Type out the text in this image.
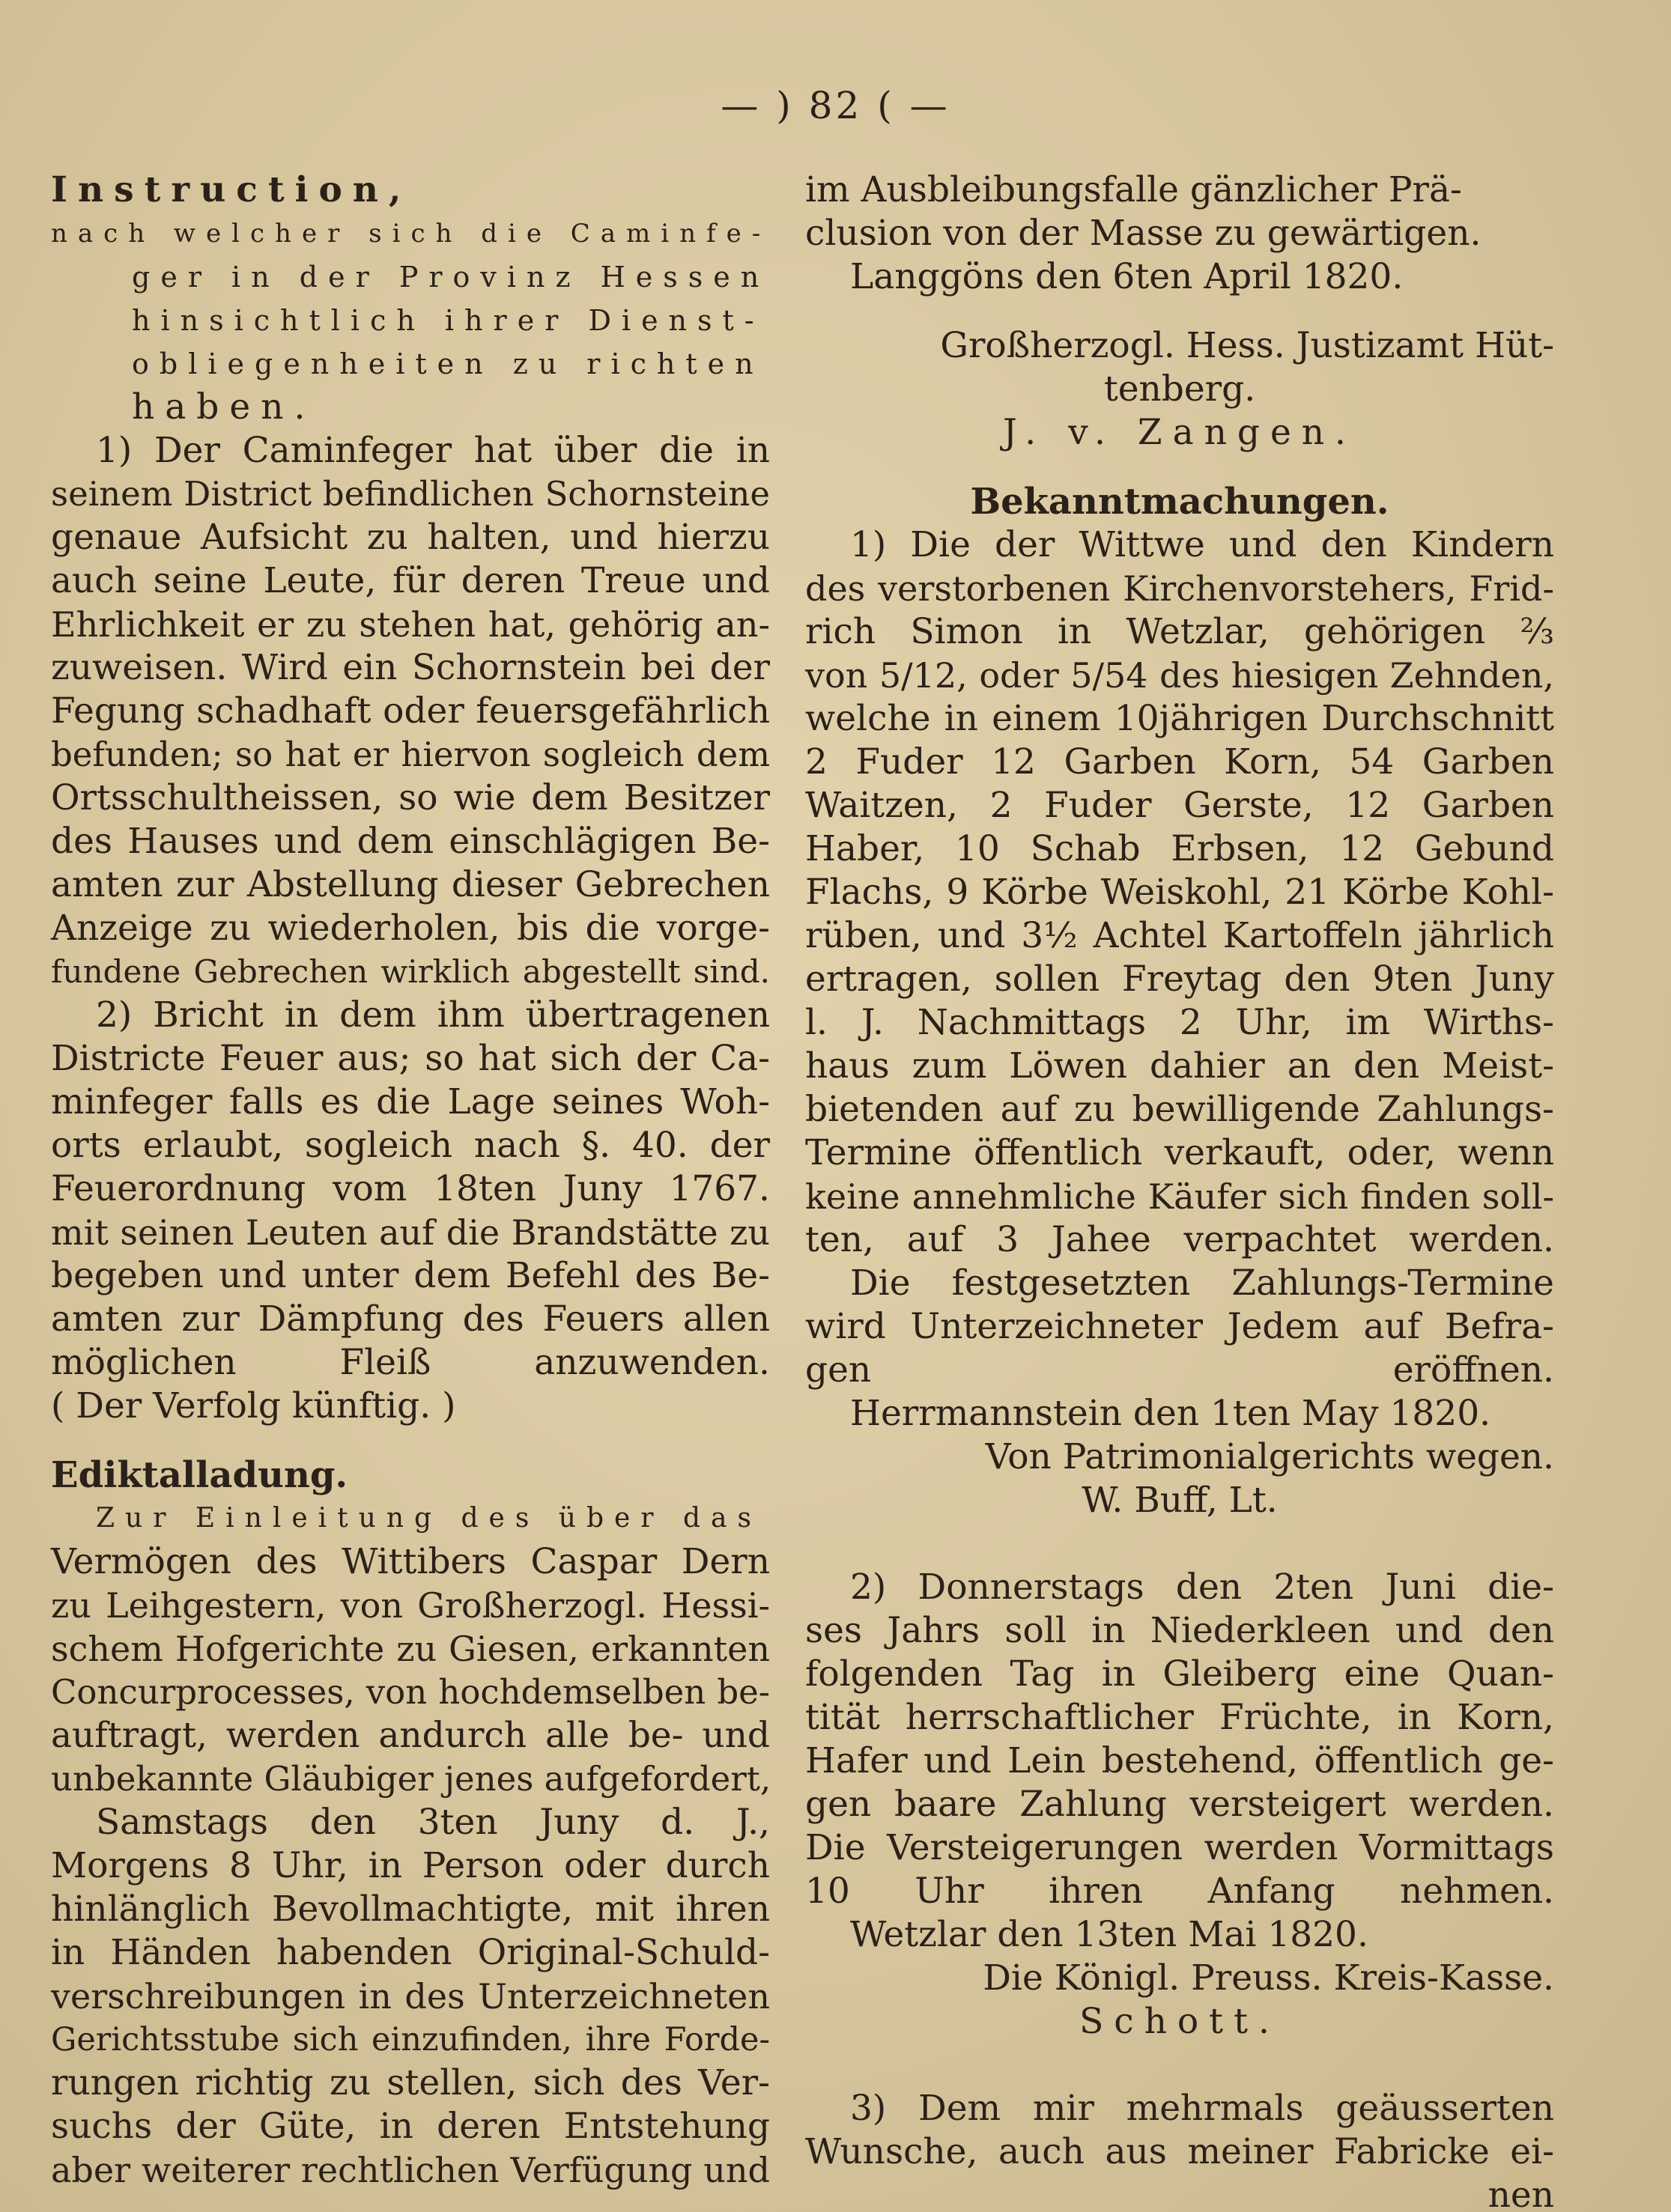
— ) 82 ( —
Instruction,
nach welcher sich die Caminfe-
ger in der Provinz Hessen
hinsichtlich ihrer Dienst-
obliegenheiten zu richten
haben.
1) Der Caminfeger hat über die in
seinem District befindlichen Schornsteine
genaue Aufsicht zu halten, und hierzu
auch seine Leute, für deren Treue und
Ehrlichkeit er zu stehen hat, gehörig an-
zuweisen. Wird ein Schornstein bei der
Fegung schadhaft oder feuersgefährlich
befunden; so hat er hiervon sogleich dem
Ortsschultheissen, so wie dem Besitzer
des Hauses und dem einschlägigen Be-
amten zur Abstellung dieser Gebrechen
Anzeige zu wiederholen, bis die vorge-
fundene Gebrechen wirklich abgestellt sind.
2) Bricht in dem ihm übertragenen
Districte Feuer aus; so hat sich der Ca-
minfeger falls es die Lage seines Woh-
orts erlaubt, sogleich nach §. 40. der
Feuerordnung vom 18ten Juny 1767.
mit seinen Leuten auf die Brandstätte zu
begeben und unter dem Befehl des Be-
amten zur Dämpfung des Feuers allen
möglichen Fleiß anzuwenden.
( Der Verfolg künftig. )
Ediktalladung.
Zur Einleitung des über das
Vermögen des Wittibers Caspar Dern
zu Leihgestern, von Großherzogl. Hessi-
schem Hofgerichte zu Giesen, erkannten
Concurprocesses, von hochdemselben be-
auftragt, werden andurch alle be- und
unbekannte Gläubiger jenes aufgefordert,
Samstags den 3ten Juny d. J.,
Morgens 8 Uhr, in Person oder durch
hinlänglich Bevollmachtigte, mit ihren
in Händen habenden Original-Schuld-
verschreibungen in des Unterzeichneten
Gerichtsstube sich einzufinden, ihre Forde-
rungen richtig zu stellen, sich des Ver-
suchs der Güte, in deren Entstehung
aber weiterer rechtlichen Verfügung und
im Ausbleibungsfalle gänzlicher Prä-
clusion von der Masse zu gewärtigen.
Langgöns den 6ten April 1820.
Großherzogl. Hess. Justizamt Hüt-
tenberg.
J. v. Zangen.
Bekanntmachungen.
1) Die der Wittwe und den Kindern
des verstorbenen Kirchenvorstehers, Frid-
rich Simon in Wetzlar, gehörigen ⅔
von 5/12, oder 5/54 des hiesigen Zehnden,
welche in einem 10jährigen Durchschnitt
2 Fuder 12 Garben Korn, 54 Garben
Waitzen, 2 Fuder Gerste, 12 Garben
Haber, 10 Schab Erbsen, 12 Gebund
Flachs, 9 Körbe Weiskohl, 21 Körbe Kohl-
rüben, und 3½ Achtel Kartoffeln jährlich
ertragen, sollen Freytag den 9ten Juny
l. J. Nachmittags 2 Uhr, im Wirths-
haus zum Löwen dahier an den Meist-
bietenden auf zu bewilligende Zahlungs-
Termine öffentlich verkauft, oder, wenn
keine annehmliche Käufer sich finden soll-
ten, auf 3 Jahee verpachtet werden.
Die festgesetzten Zahlungs-Termine
wird Unterzeichneter Jedem auf Befra-
gen eröffnen.
Herrmannstein den 1ten May 1820.
Von Patrimonialgerichts wegen.
W. Buff, Lt.
2) Donnerstags den 2ten Juni die-
ses Jahrs soll in Niederkleen und den
folgenden Tag in Gleiberg eine Quan-
tität herrschaftlicher Früchte, in Korn,
Hafer und Lein bestehend, öffentlich ge-
gen baare Zahlung versteigert werden.
Die Versteigerungen werden Vormittags
10 Uhr ihren Anfang nehmen.
Wetzlar den 13ten Mai 1820.
Die Königl. Preuss. Kreis-Kasse.
Schott.
3) Dem mir mehrmals geäusserten
Wunsche, auch aus meiner Fabricke ei-
nen
